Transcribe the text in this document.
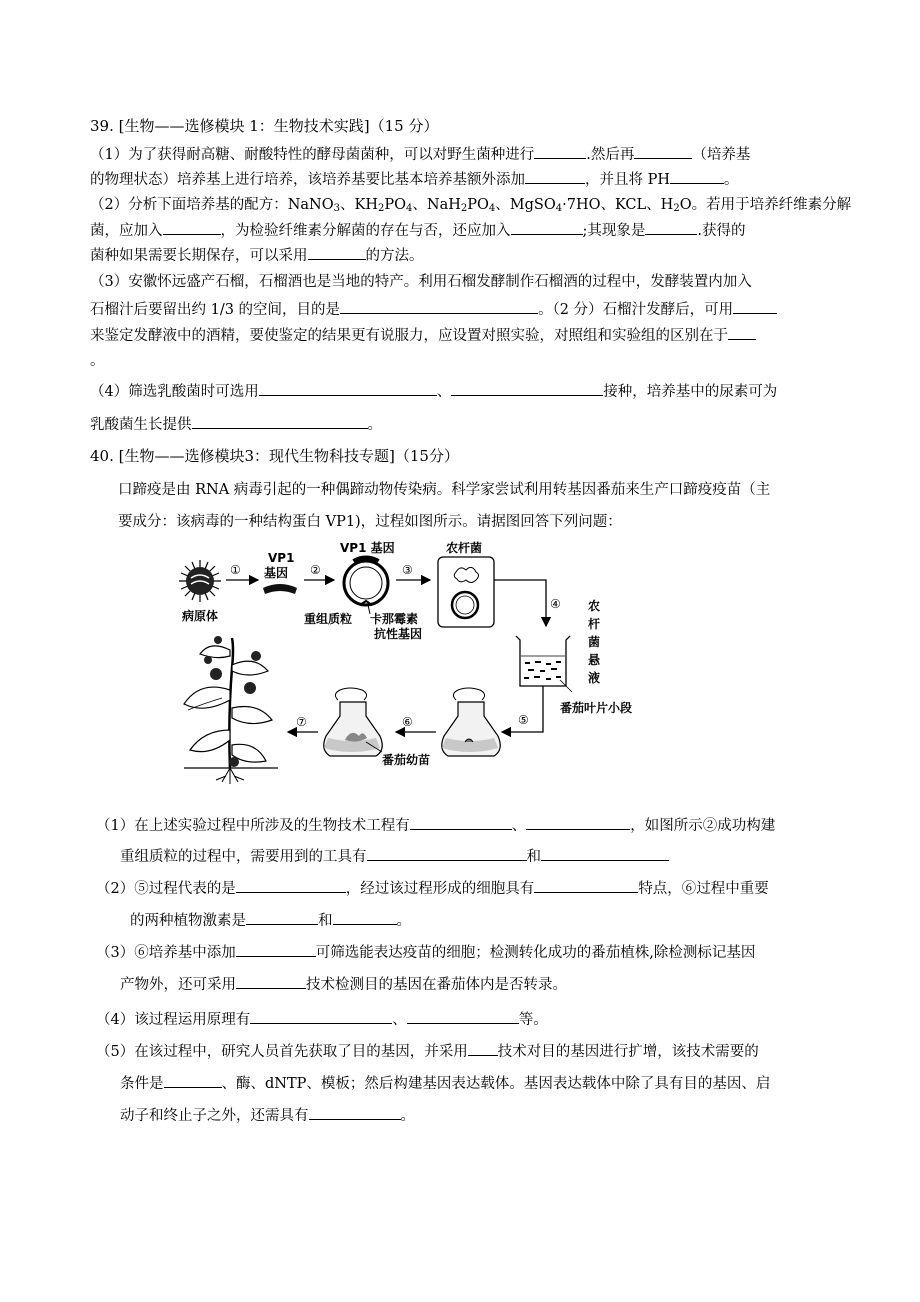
39. [生物——选修模块 1：生物技术实践]（15 分）
（1）为了获得耐高糖、耐酸特性的酵母菌菌种，可以对野生菌种进行	.然后再	（培养基
的物理状态）培养基上进行培养，该培养基要比基本培养基额外添加	，并且将 PH	。
（2）分析下面培养基的配方：NaNO$_3$、$KH_2PO_4$、$NaH_2PO_4$、MgSO$_4$·7HO、KCL、$H_2O$。若用于培养纤维素分解
菌，应加入	，为检验纤维素分解菌的存在与否，还应加入	;其现象是	.获得的
菌种如果需要长期保存，可以采用	的方法。
（3）安徽怀远盛产石榴，石榴酒也是当地的特产。利用石榴发酵制作石榴酒的过程中，发酵装置内加入
石榴汁后要留出约 1/3 的空间，目的是	。（2 分）石榴汁发酵后，可用
来鉴定发酵液中的酒精，要使鉴定的结果更有说服力，应设置对照实验，对照组和实验组的区别在于
。
（4）筛选乳酸菌时可选用	、	接种，培养基中的尿素可为
乳酸菌生长提供	。
40. [生物——选修模块3：现代生物科技专题]（15分）
口蹄疫是由 RNA 病毒引起的一种偶蹄动物传染病。科学家尝试利用转基因番茄来生产口蹄疫疫苗（主
要成分：该病毒的一种结构蛋白 VP1)，过程如图所示。请据图回答下列问题：
病原体
①
VP1
基因 ②
VP1 基因
重组质粒 卡那霉素
抗性基因
③
农杆菌
④ 农
杆
菌
悬
液
番茄叶片小段
⑤
⑥
番茄幼苗
⑦
（1）在上述实验过程中所涉及的生物技术工程有	、	，如图所示②成功构建
重组质粒的过程中，需要用到的工具有	和
（2）⑤过程代表的是	，经过该过程形成的细胞具有	特点，⑥过程中重要
的两种植物激素是	和	。
（3）⑥培养基中添加	可筛选能表达疫苗的细胞；检测转化成功的番茄植株,除检测标记基因
产物外，还可采用	技术检测目的基因在番茄体内是否转录。
（4）该过程运用原理有	、	等。
（5）在该过程中，研究人员首先获取了目的基因，并采用 技术对目的基因进行扩增，该技术需要的
条件是	、酶、dNTP、模板；然后构建基因表达载体。基因表达载体中除了具有目的基因、启
动子和终止子之外，还需具有	。
